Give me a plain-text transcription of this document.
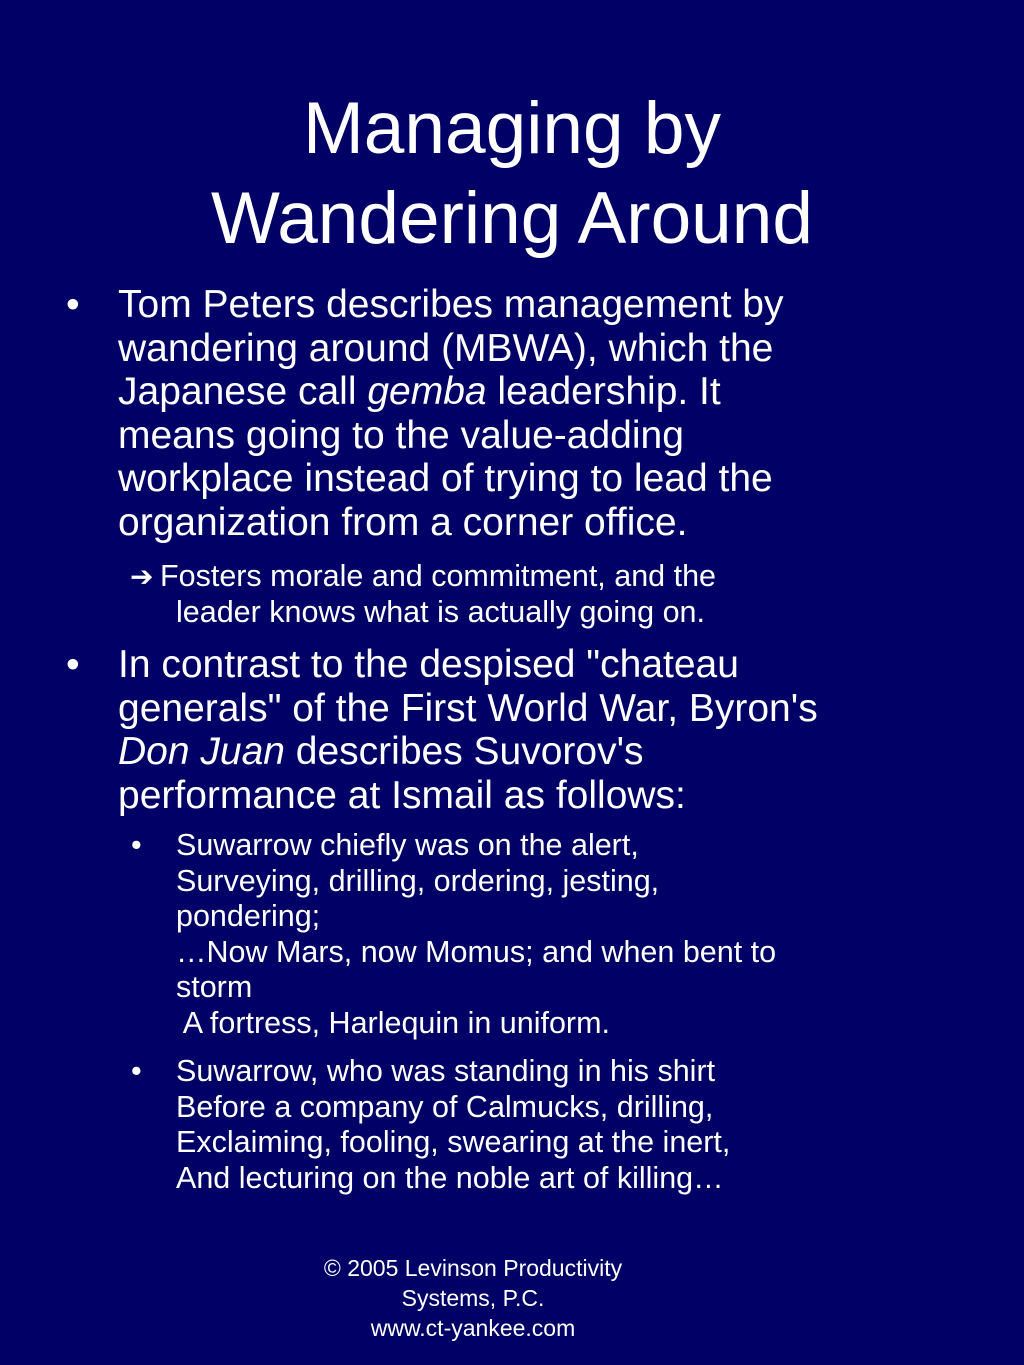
Managing by
Wandering Around
• Tom Peters describes management by
wandering around (MBWA), which the
Japanese call gemba leadership. It
means going to the value-adding
workplace instead of trying to lead the
organization from a corner office.
➔ Fosters morale and commitment, and the
leader knows what is actually going on.
• In contrast to the despised "chateau
generals" of the First World War, Byron's
Don Juan describes Suvorov's
performance at Ismail as follows:
• Suwarrow chiefly was on the alert,
Surveying, drilling, ordering, jesting,
pondering;
…Now Mars, now Momus; and when bent to
storm
A fortress, Harlequin in uniform.
• Suwarrow, who was standing in his shirt
Before a company of Calmucks, drilling,
Exclaiming, fooling, swearing at the inert,
And lecturing on the noble art of killing…
© 2005 Levinson Productivity
Systems, P.C.
www.ct-yankee.com
